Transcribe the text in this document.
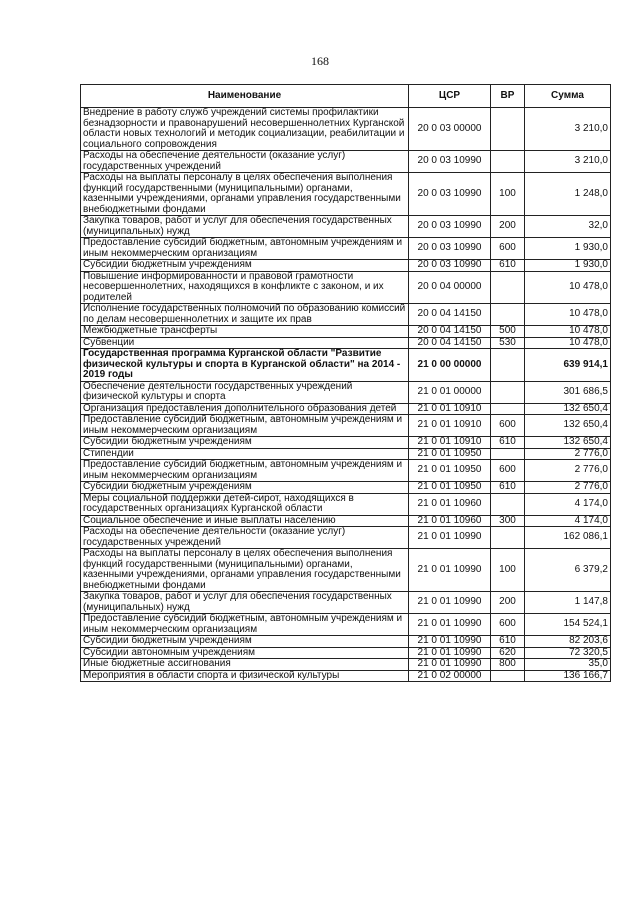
168
Наименование	ЦСР	ВР	Сумма
Внедрение в работу служб учреждений системы профилактики безнадзорности и правонарушений несовершеннолетних Курганской области новых технологий и методик социализации, реабилитации и социального сопровождения	20 0 03 00000		3 210,0
Расходы на обеспечение деятельности (оказание услуг) государственных учреждений	20 0 03 10990		3 210,0
Расходы на выплаты персоналу в целях обеспечения выполнения функций государственными (муниципальными) органами, казенными учреждениями, органами управления государственными внебюджетными фондами	20 0 03 10990	100	1 248,0
Закупка товаров, работ и услуг для обеспечения государственных (муниципальных) нужд	20 0 03 10990	200	32,0
Предоставление субсидий бюджетным, автономным учреждениям и иным некоммерческим организациям	20 0 03 10990	600	1 930,0
Субсидии бюджетным учреждениям	20 0 03 10990	610	1 930,0
Повышение информированности и правовой грамотности несовершеннолетних, находящихся в конфликте с законом, и их родителей	20 0 04 00000		10 478,0
Исполнение государственных полномочий по образованию комиссий по делам несовершеннолетних и защите их прав	20 0 04 14150		10 478,0
Межбюджетные трансферты	20 0 04 14150	500	10 478,0
Субвенции	20 0 04 14150	530	10 478,0
Государственная программа Курганской области "Развитие физической культуры и спорта в Курганской области" на 2014 - 2019 годы	21 0 00 00000		639 914,1
Обеспечение деятельности государственных учреждений физической культуры и спорта	21 0 01 00000		301 686,5
Организация предоставления дополнительного образования детей	21 0 01 10910		132 650,4
Предоставление субсидий бюджетным, автономным учреждениям и иным некоммерческим организациям	21 0 01 10910	600	132 650,4
Субсидии бюджетным учреждениям	21 0 01 10910	610	132 650,4
Стипендии	21 0 01 10950		2 776,0
Предоставление субсидий бюджетным, автономным учреждениям и иным некоммерческим организациям	21 0 01 10950	600	2 776,0
Субсидии бюджетным учреждениям	21 0 01 10950	610	2 776,0
Меры социальной поддержки детей-сирот, находящихся в государственных организациях Курганской области	21 0 01 10960		4 174,0
Социальное обеспечение и иные выплаты населению	21 0 01 10960	300	4 174,0
Расходы на обеспечение деятельности (оказание услуг) государственных учреждений	21 0 01 10990		162 086,1
Расходы на выплаты персоналу в целях обеспечения выполнения функций государственными (муниципальными) органами, казенными учреждениями, органами управления государственными внебюджетными фондами	21 0 01 10990	100	6 379,2
Закупка товаров, работ и услуг для обеспечения государственных (муниципальных) нужд	21 0 01 10990	200	1 147,8
Предоставление субсидий бюджетным, автономным учреждениям и иным некоммерческим организациям	21 0 01 10990	600	154 524,1
Субсидии бюджетным учреждениям	21 0 01 10990	610	82 203,6
Субсидии автономным учреждениям	21 0 01 10990	620	72 320,5
Иные бюджетные ассигнования	21 0 01 10990	800	35,0
Мероприятия в области спорта и физической культуры	21 0 02 00000		136 166,7
